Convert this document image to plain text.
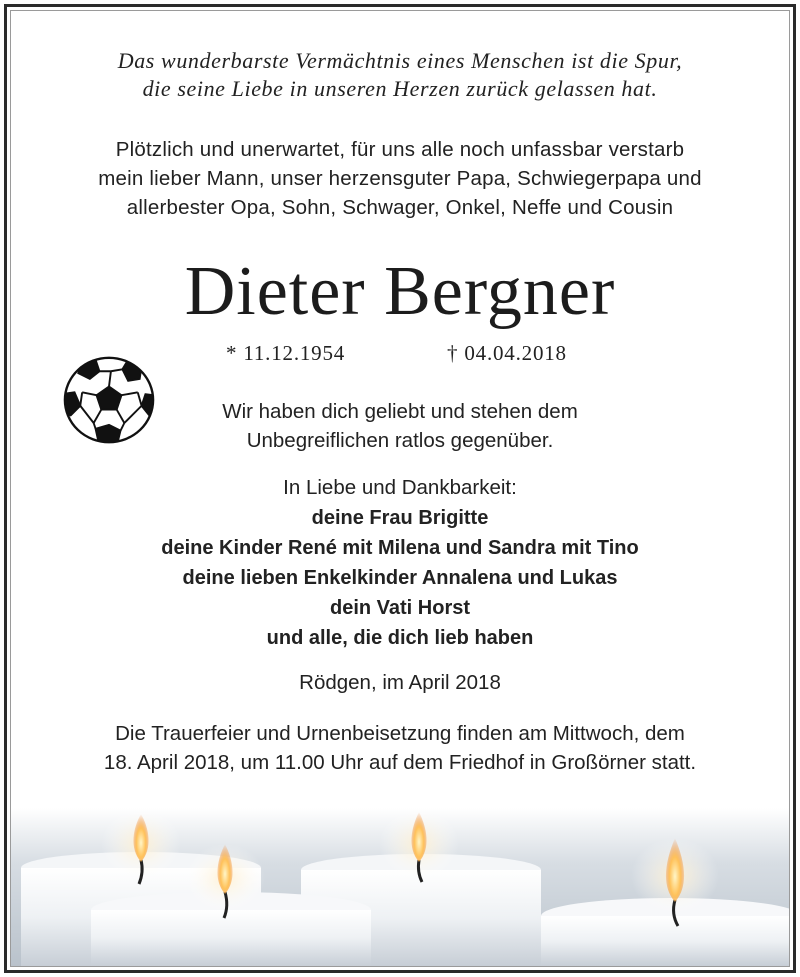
Das wunderbarste Vermächtnis eines Menschen ist die Spur,
die seine Liebe in unseren Herzen zurück gelassen hat.
Plötzlich und unerwartet, für uns alle noch unfassbar verstarb
mein lieber Mann, unser herzensguter Papa, Schwiegerpapa und
allerbester Opa, Sohn, Schwager, Onkel, Neffe und Cousin
Dieter Bergner
* 11.12.1954	† 04.04.2018
Wir haben dich geliebt und stehen dem
Unbegreiflichen ratlos gegenüber.
In Liebe und Dankbarkeit:
deine Frau Brigitte
deine Kinder René mit Milena und Sandra mit Tino
deine lieben Enkelkinder Annalena und Lukas
dein Vati Horst
und alle, die dich lieb haben
Rödgen, im April 2018
Die Trauerfeier und Urnenbeisetzung finden am Mittwoch, dem
18. April 2018, um 11.00 Uhr auf dem Friedhof in Großörner statt.
